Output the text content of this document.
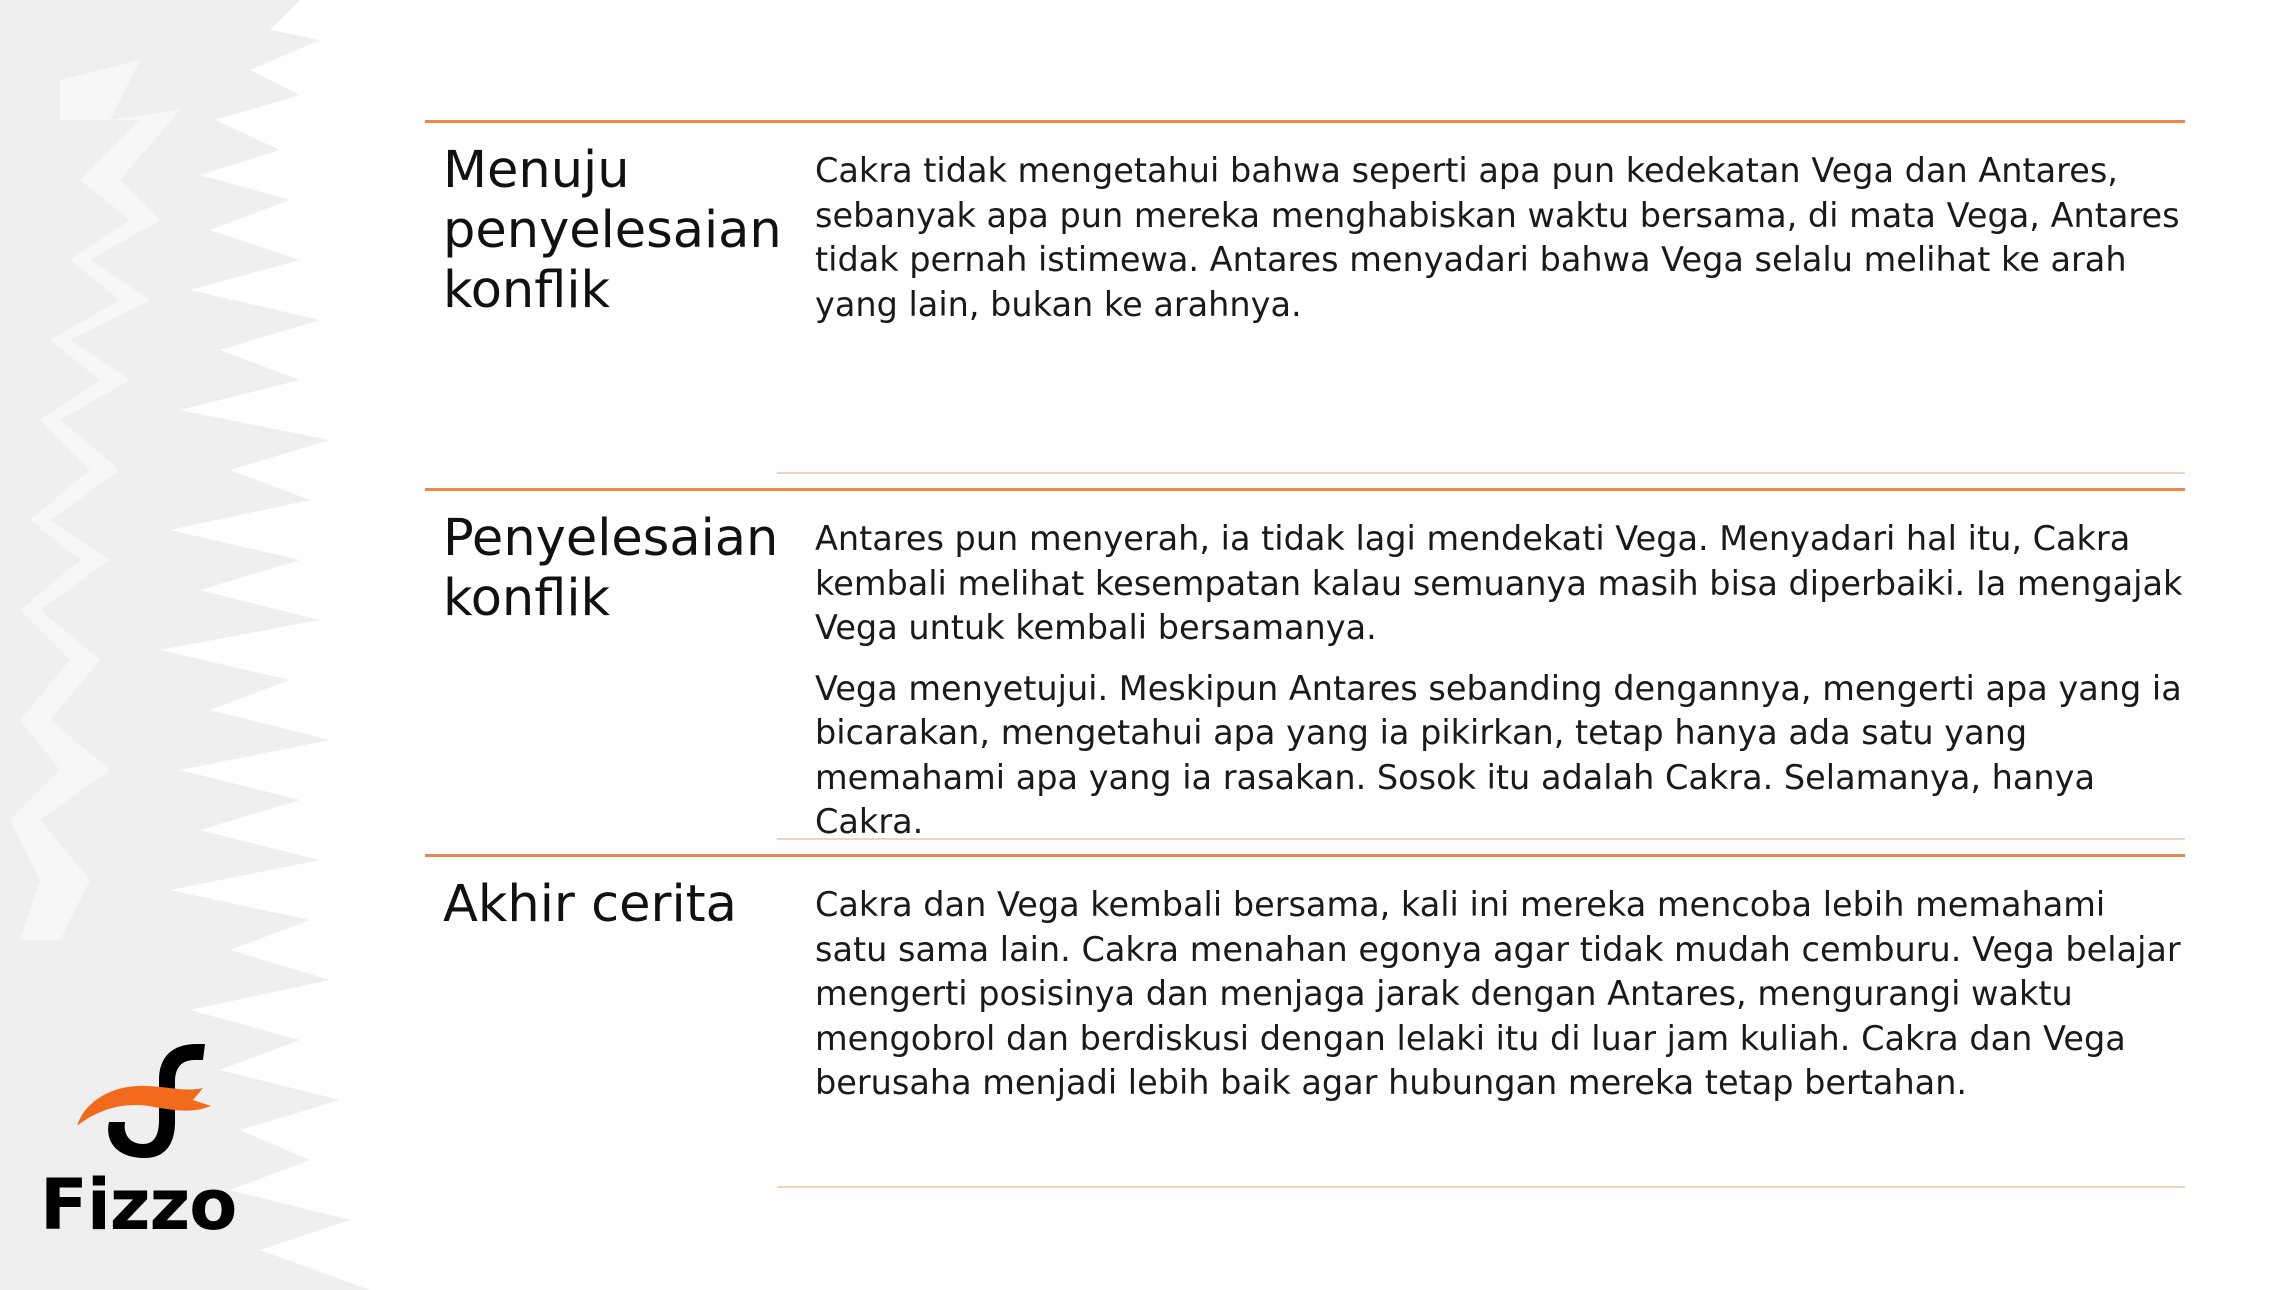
Fizzo
Menuju penyelesaian konflik

Cakra tidak mengetahui bahwa seperti apa pun kedekatan Vega dan Antares, sebanyak apa pun mereka menghabiskan waktu bersama, di mata Vega, Antares tidak pernah istimewa. Antares menyadari bahwa Vega selalu melihat ke arah yang lain, bukan ke arahnya.

Penyelesaian konflik

Antares pun menyerah, ia tidak lagi mendekati Vega. Menyadari hal itu, Cakra kembali melihat kesempatan kalau semuanya masih bisa diperbaiki. Ia mengajak Vega untuk kembali bersamanya.

Vega menyetujui. Meskipun Antares sebanding dengannya, mengerti apa yang ia bicarakan, mengetahui apa yang ia pikirkan, tetap hanya ada satu yang memahami apa yang ia rasakan. Sosok itu adalah Cakra. Selamanya, hanya Cakra.

Akhir cerita	Cakra dan Vega kembali bersama, kali ini mereka mencoba lebih memahami satu sama lain. Cakra menahan egonya agar tidak mudah cemburu. Vega belajar mengerti posisinya dan menjaga jarak dengan Antares, mengurangi waktu mengobrol dan berdiskusi dengan lelaki itu di luar jam kuliah. Cakra dan Vega berusaha menjadi lebih baik agar hubungan mereka tetap bertahan.
